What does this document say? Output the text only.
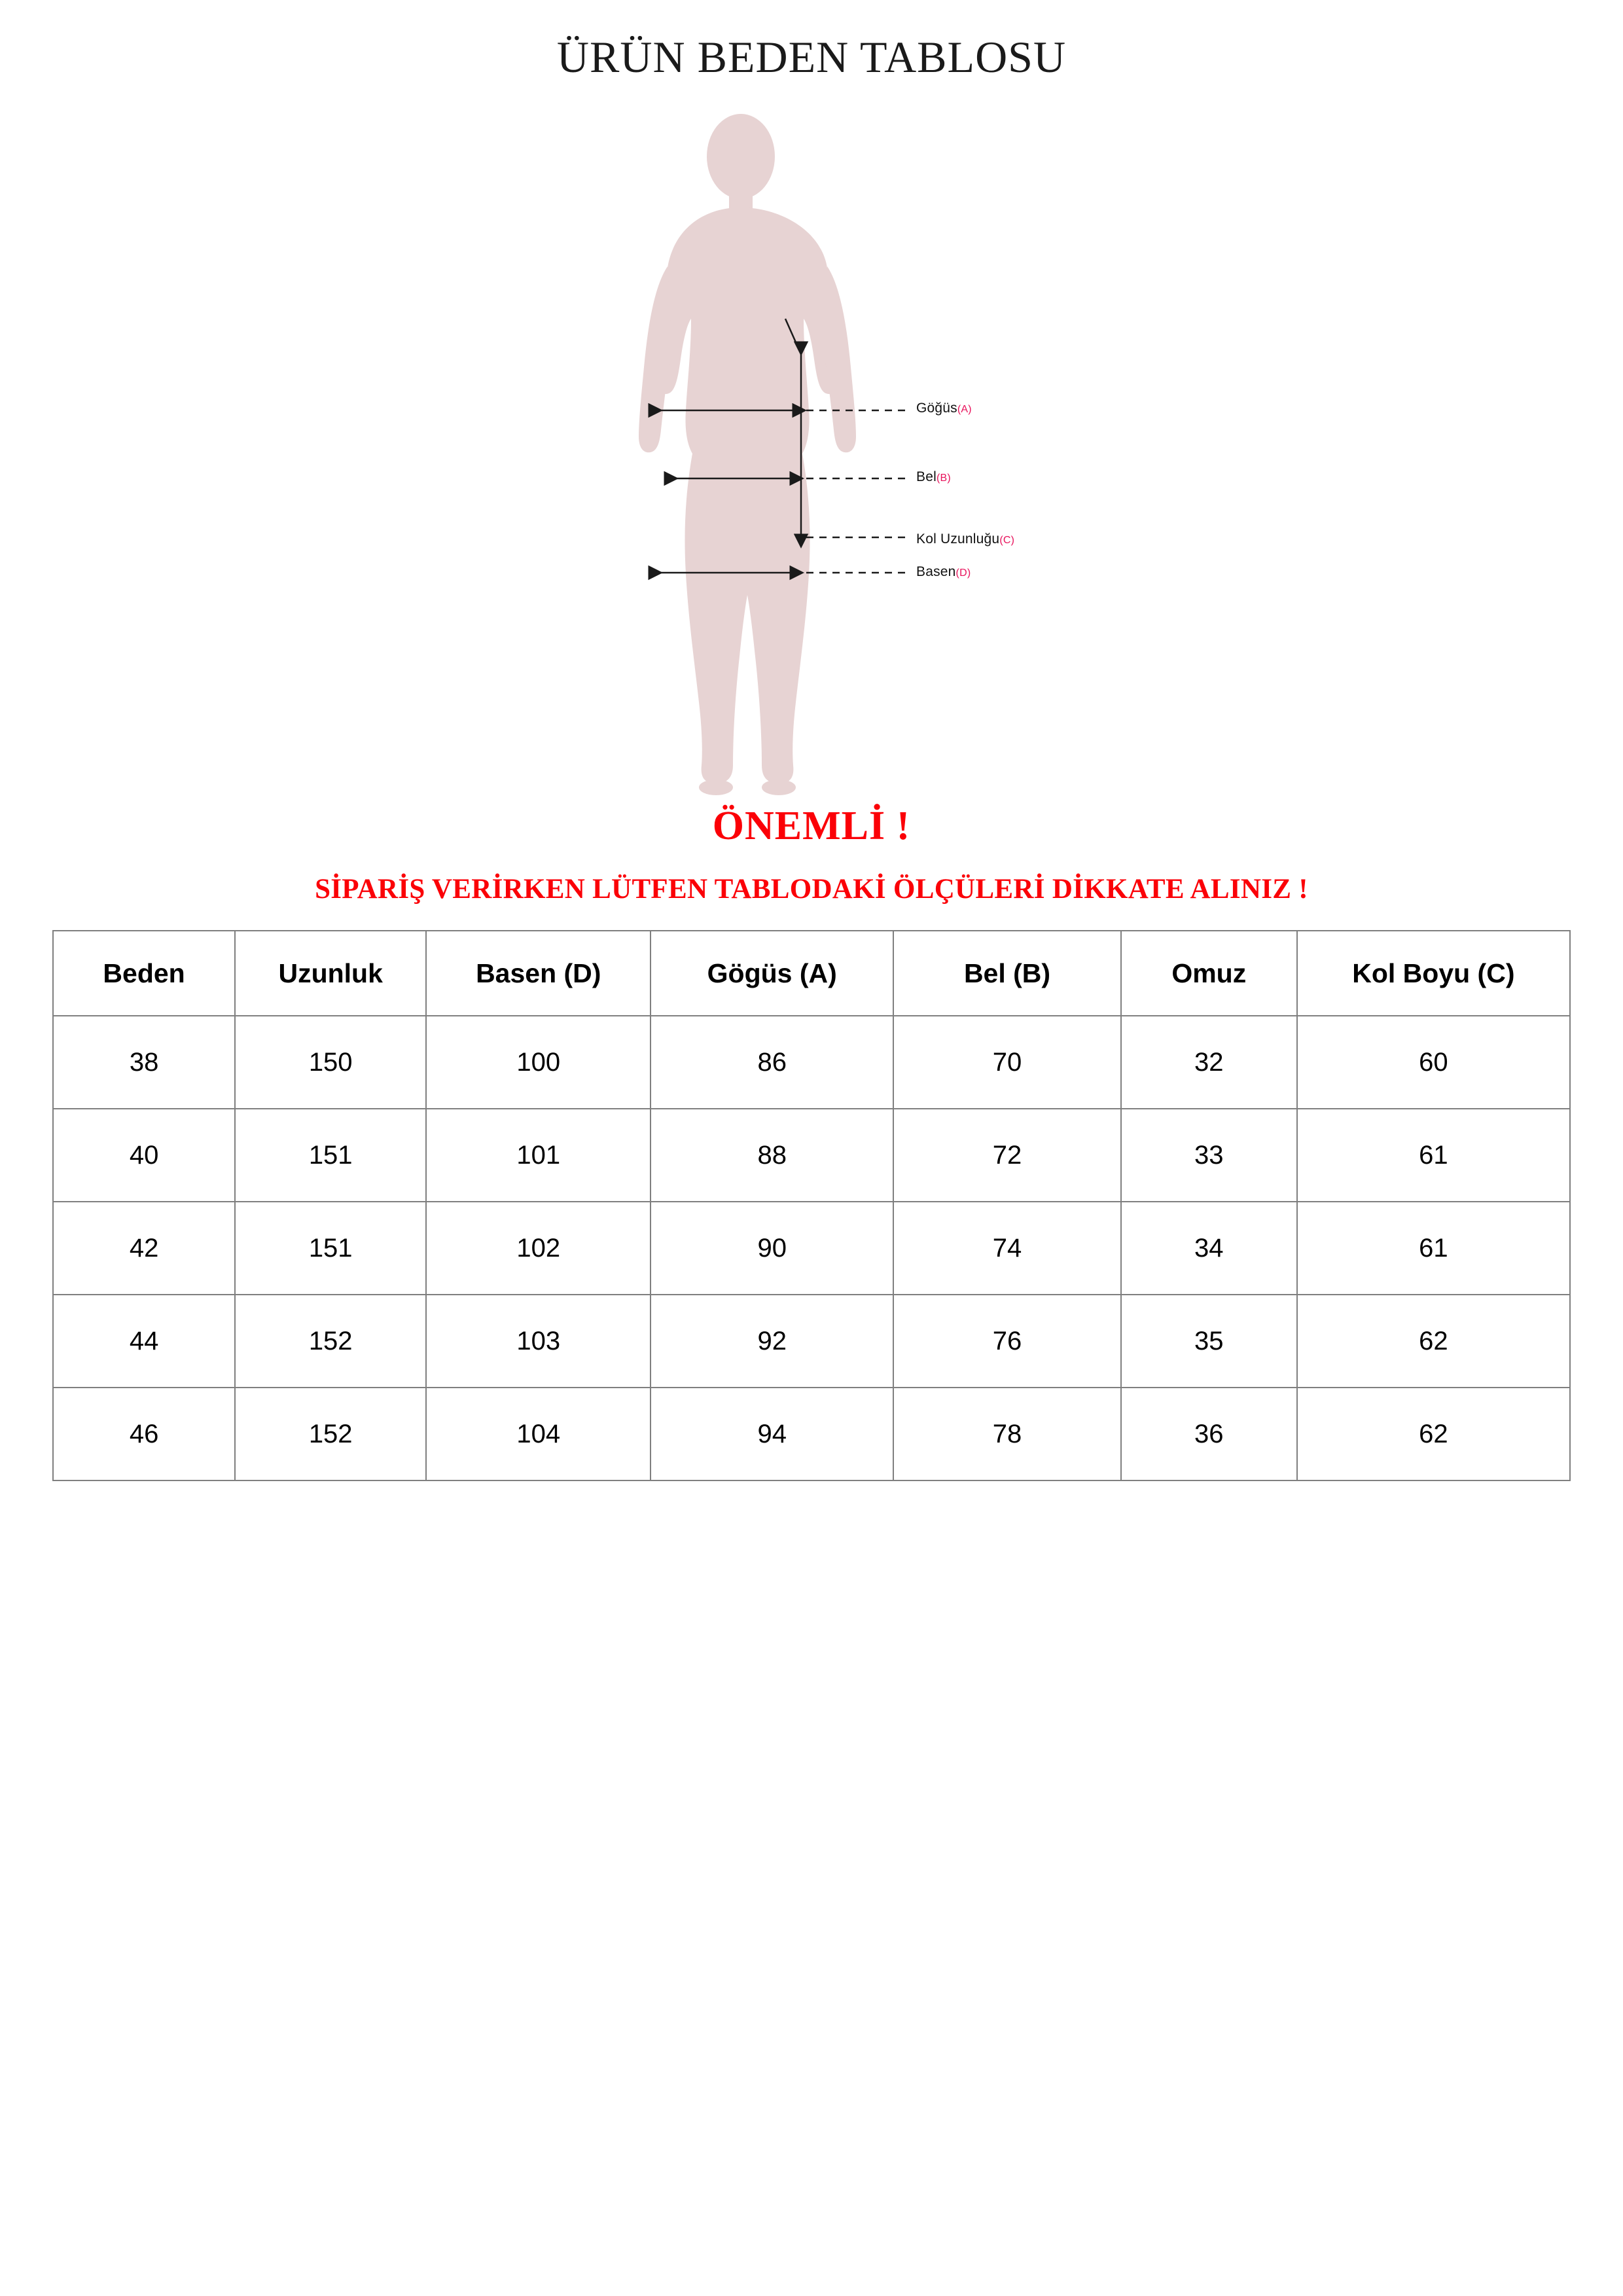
ÜRÜN BEDEN TABLOSU
Göğüs(A)
Bel(B)
Kol Uzunluğu(C)
Basen(D)
ÖNEMLİ !
SİPARİŞ VERİRKEN LÜTFEN TABLODAKİ ÖLÇÜLERİ DİKKATE ALINIZ !
Beden	Uzunluk	Basen (D)	Gögüs (A)	Bel (B)	Omuz	Kol Boyu (C)
38	150	100	86	70	32	60
40	151	101	88	72	33	61
42	151	102	90	74	34	61
44	152	103	92	76	35	62
46	152	104	94	78	36	62
